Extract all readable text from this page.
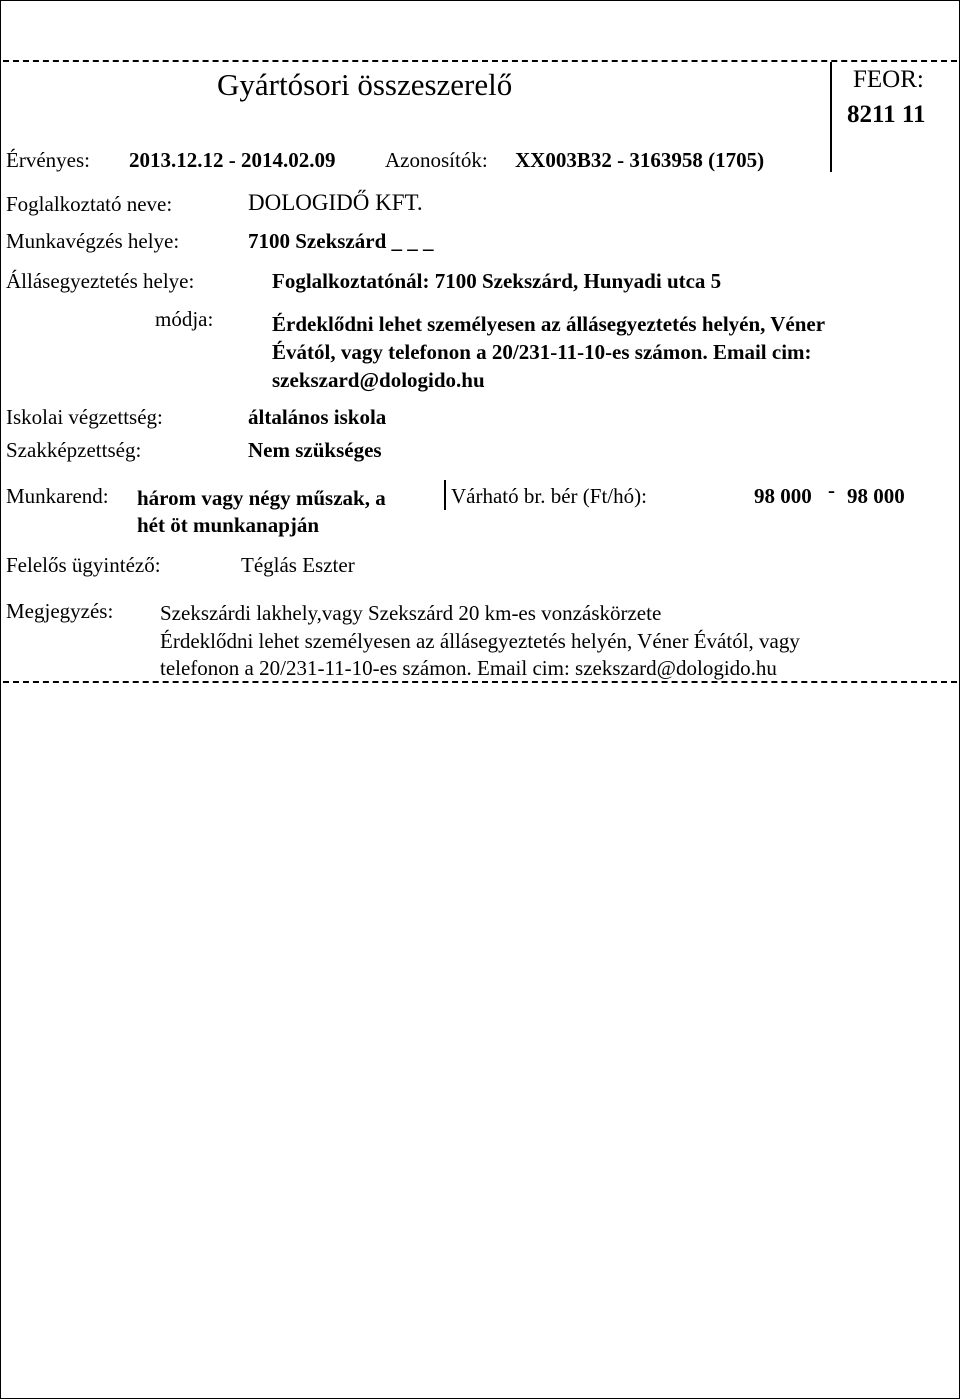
Gyártósori összeszerelő	FEOR:
8211 11
Érvényes: 2013.12.12 - 2014.02.09 Azonosítók: XX003B32 - 3163958 (1705)
Foglalkoztató neve:	DOLOGIDŐ KFT.
Munkavégzés helye:	7100 Szekszárd _ _ _
Állásegyeztetés helye:	Foglalkoztatónál: 7100 Szekszárd, Hunyadi utca 5
módja:	Érdeklődni lehet személyesen az állásegyeztetés helyén, Véner
Évától, vagy telefonon a 20/231-11-10-es számon. Email cim:
szekszard@dologido.hu
Iskolai végzettség:	általános iskola
Szakképzettség:	Nem szükséges
Munkarend: három vagy négy műszak, a
hét öt munkanapján
Várható br. bér (Ft/hó):	98 000 - 98 000
Felelős ügyintéző:	Téglás Eszter
Megjegyzés: Szekszárdi lakhely,vagy Szekszárd 20 km-es vonzáskörzete
Érdeklődni lehet személyesen az állásegyeztetés helyén, Véner Évától, vagy
telefonon a 20/231-11-10-es számon. Email cim: szekszard@dologido.hu
